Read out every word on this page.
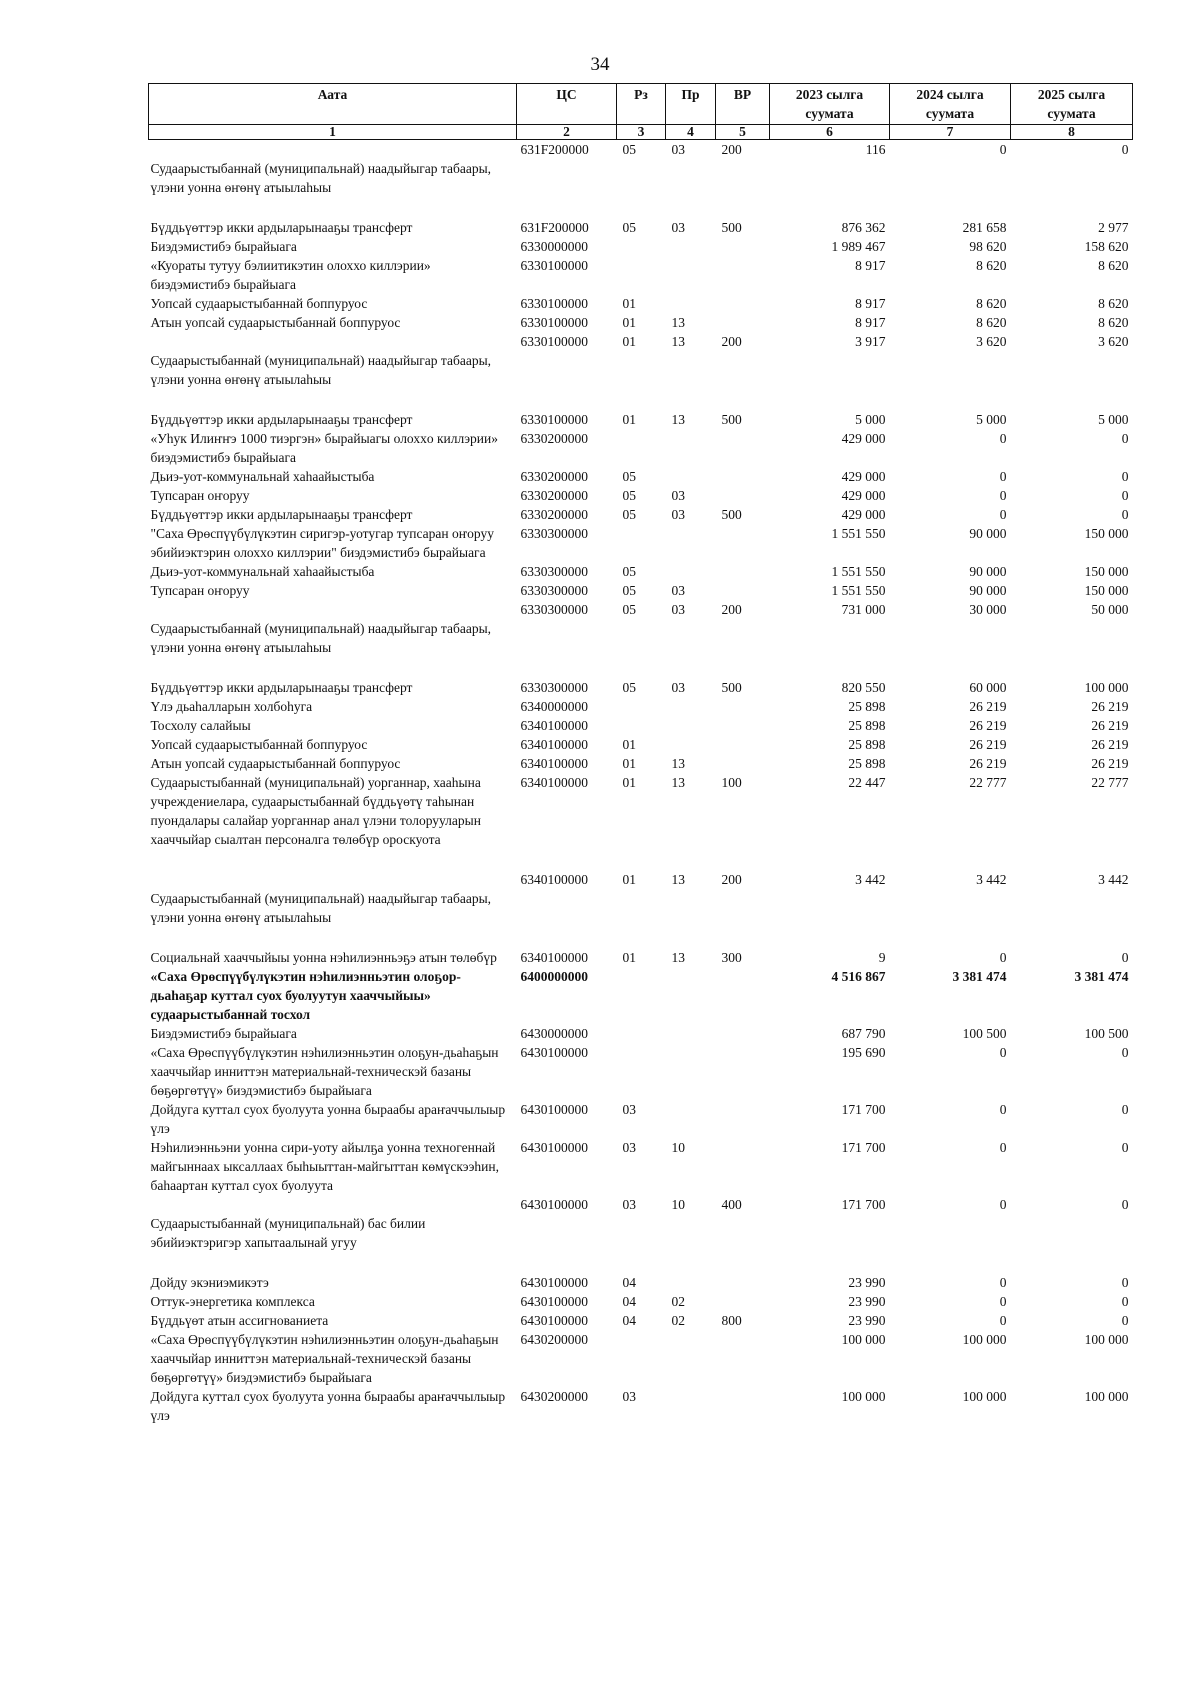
34
Аата	ЦС	Рз	Пр	ВР	2023 сылга суумата	2024 сылга суумата	2025 сылга суумата
1	2	3	4	5	6	7	8
Судаарыстыбаннай (муниципальнай) наадыйыгар табаары, үлэни уонна өҥөнү атыылаhыы	631F200000	05	03	200	116	0	0
Бүддьүөттэр икки ардыларынааҕы трансферт	631F200000	05	03	500	876 362	281 658	2 977
Биэдэмистибэ бырайыага	6330000000				1 989 467	98 620	158 620
«Куораты тутуу бэлиитикэтин олоххо киллэрии» биэдэмистибэ бырайыага	6330100000				8 917	8 620	8 620
Уопсай судаарыстыбаннай боппуруос	6330100000	01			8 917	8 620	8 620
Атын уопсай судаарыстыбаннай боппуруос	6330100000	01	13		8 917	8 620	8 620
Судаарыстыбаннай (муниципальнай) наадыйыгар табаары, үлэни уонна өҥөнү атыылаhыы	6330100000	01	13	200	3 917	3 620	3 620
Бүддьүөттэр икки ардыларынааҕы трансферт	6330100000	01	13	500	5 000	5 000	5 000
«Уhук Илиҥҥэ 1000 тиэргэн» бырайыагы олохxo киллэрии» биэдэмистибэ бырайыага	6330200000				429 000	0	0
Дьиэ-уот-коммунальнай хаhаайыстыба	6330200000	05			429 000	0	0
Тупсаран оҥоруу	6330200000	05	03		429 000	0	0
Бүддьүөттэр икки ардыларынааҕы трансферт	6330200000	05	03	500	429 000	0	0
"Саха Өрөспүүбүлүкэтин сиригэр-уотугар тупсаран оҥоруу эбийиэктэрин олохxo киллэрии" биэдэмистибэ бырайыага	6330300000				1 551 550	90 000	150 000
Дьиэ-уот-коммунальнай хаhаайыстыба	6330300000	05			1 551 550	90 000	150 000
Тупсаран оҥоруу	6330300000	05	03		1 551 550	90 000	150 000
Судаарыстыбаннай (муниципальнай) наадыйыгар табаары, үлэни уонна өҥөнү атыылаhыы	6330300000	05	03	200	731 000	30 000	50 000
Бүддьүөттэр икки ардыларынааҕы трансферт	6330300000	05	03	500	820 550	60 000	100 000
Үлэ дьаhалларын холбоhуга	6340000000				25 898	26 219	26 219
Тосхолу салайыы	6340100000				25 898	26 219	26 219
Уопсай судаарыстыбаннай боппуруос	6340100000	01			25 898	26 219	26 219
Атын уопсай судаарыстыбаннай боппуруос	6340100000	01	13		25 898	26 219	26 219
Судаарыстыбаннай (муниципальнай) уорганнар, хааhына учреждениелара, судаарыстыбаннай бүддьүөтү таhынан пуондалары салайар уорганнар анал үлэни толорууларын хааччыйар сыалтан персоналга төлөбүр ороскуота	6340100000	01	13	100	22 447	22 777	22 777
Судаарыстыбаннай (муниципальнай) наадыйыгар табаары, үлэни уонна өҥөнү атыылаhыы	6340100000	01	13	200	3 442	3 442	3 442
Социальнай хааччыйыы уонна нэhилиэнньэҕэ атын төлөбүр	6340100000	01	13	300	9	0	0
«Саха Өрөспүүбүлүкэтин нэhилиэнньэтин олоҕор-дьаhаҕар куттал суох буолуутун хааччыйыы» судаарыстыбаннай тосхол	6400000000				4 516 867	3 381 474	3 381 474
Биэдэмистибэ бырайыага	6430000000				687 790	100 500	100 500
«Саха Өрөспүүбүлүкэтин нэhилиэнньэтин олоҕун-дьаhаҕын хааччыйар инниттэн материальнай-техническэй базаны бөҕөргөтүү» биэдэмистибэ бырайыага	6430100000				195 690	0	0
Дойдуга куттал суох буолуута уонна быраабы араҥаччылыыр үлэ	6430100000	03			171 700	0	0
Нэhилиэнньэни уонна сири-уоту айылҕа уонна техногеннай майгыннаах ыксаллаах быhыыттан-майгыттан көмүскээhин, баhаартан куттал суох буолуута	6430100000	03	10		171 700	0	0
Судаарыстыбаннай (муниципальнай) бас билии эбийиэктэригэр хапытаалынай угуу	6430100000	03	10	400	171 700	0	0
Дойду экэниэмикэтэ	6430100000	04			23 990	0	0
Оттук-энергетика комплекса	6430100000	04	02		23 990	0	0
Бүддьүөт атын ассигнованиета	6430100000	04	02	800	23 990	0	0
«Саха Өрөспүүбүлүкэтин нэhилиэнньэтин олоҕун-дьаhаҕын хааччыйар инниттэн материальнай-техническэй базаны бөҕөргөтүү» биэдэмистибэ бырайыага	6430200000				100 000	100 000	100 000
Дойдуга куттал суох буолуута уонна быраабы араҥаччылыыр үлэ	6430200000	03			100 000	100 000	100 000
